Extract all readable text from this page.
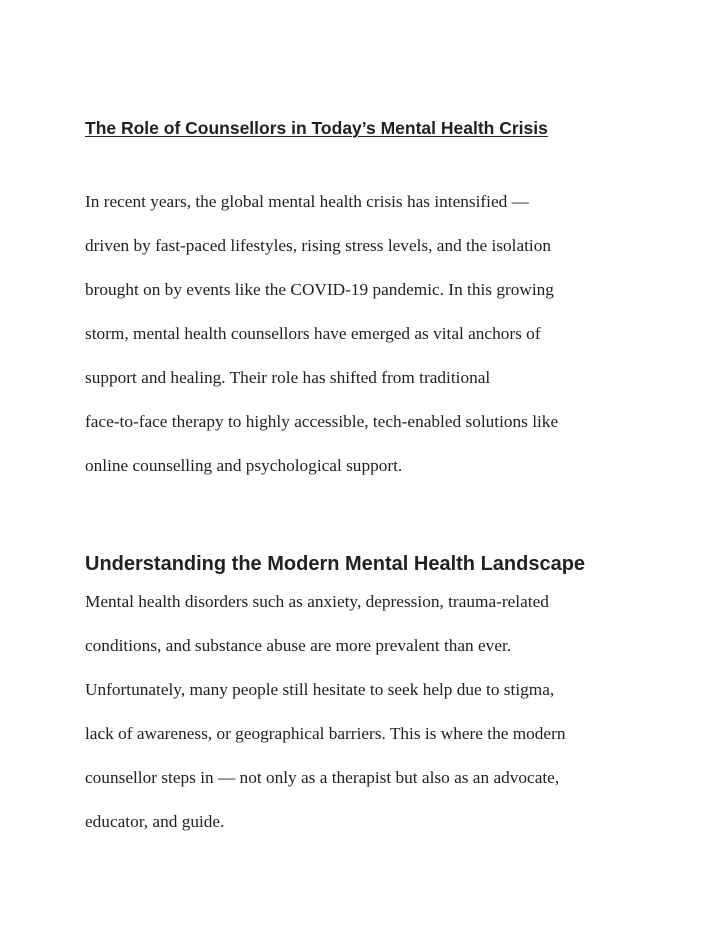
The Role of Counsellors in Today’s Mental Health Crisis
In recent years, the global mental health crisis has intensified —
driven by fast-paced lifestyles, rising stress levels, and the isolation
brought on by events like the COVID-19 pandemic. In this growing
storm, mental health counsellors have emerged as vital anchors of
support and healing. Their role has shifted from traditional
face-to-face therapy to highly accessible, tech-enabled solutions like
online counselling and psychological support.
Understanding the Modern Mental Health Landscape
Mental health disorders such as anxiety, depression, trauma-related
conditions, and substance abuse are more prevalent than ever.
Unfortunately, many people still hesitate to seek help due to stigma,
lack of awareness, or geographical barriers. This is where the modern
counsellor steps in — not only as a therapist but also as an advocate,
educator, and guide.
